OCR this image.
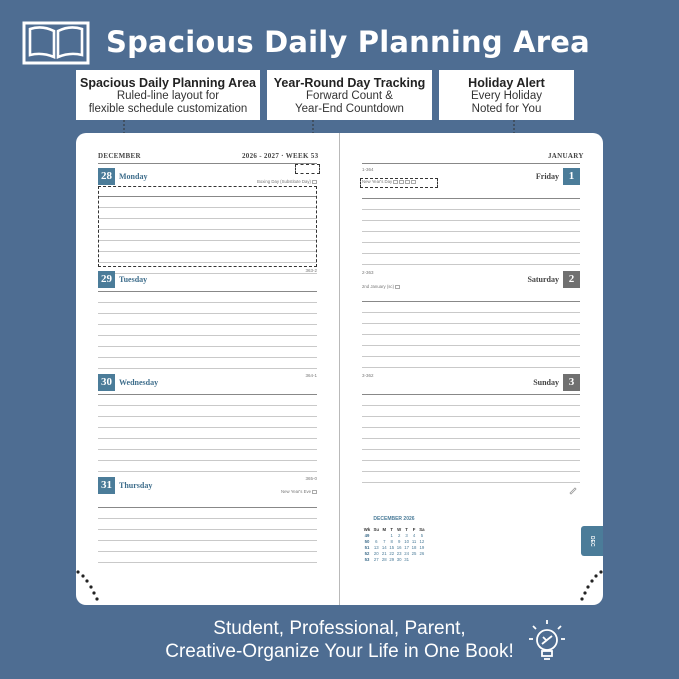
Spacious Daily Planning Area
Spacious Daily Planning Area
Ruled-line layout for
flexible schedule customization
Year-Round Day Tracking
Forward Count &
Year-End Countdown
Holiday Alert
Every Holiday
Noted for You
DECEMBER	2026 - 2027 · WEEK 53
28 Monday
Boxing Day (Substitute Day)
363-2
29 Tuesday
364-1
30 Wednesday
365-0
31 Thursday
New Year's Eve
JANUARY
1-364
1
Friday
New Year's Day
2-363
2
Saturday
2nd January (sc)
3-362
3
Sunday
DECEMBER 2026
Wk	Su	M	T	W	T	F	Sa
49			1	2	3	4	5
50	6	7	8	9	10	11	12
51	13	14	15	16	17	18	19
52	20	21	22	23	24	25	26
53	27	28	29	30	31		
DEC
Student, Professional, Parent,
Creative-Organize Your Life in One Book!
